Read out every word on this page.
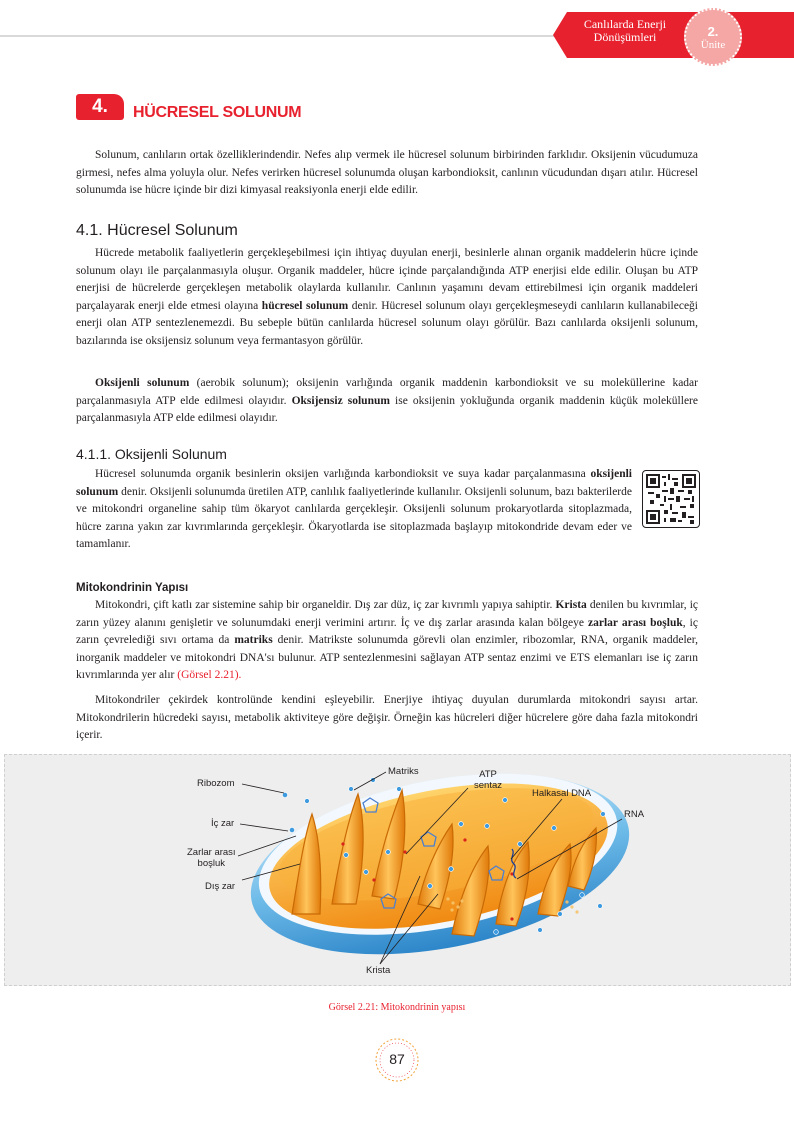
Canlılarda Enerji
Dönüşümleri	2.
Ünite
4.	HÜCRESEL SOLUNUM
Solunum, canlıların ortak özelliklerindendir. Nefes alıp vermek ile hücresel solunum birbirinden farklıdır. Oksijenin vücudumuza girmesi, nefes alma yoluyla olur. Nefes verirken hücresel solunumda oluşan karbondioksit, canlının vücudundan dışarı atılır. Hücresel solunumda ise hücre içinde bir dizi kimyasal reaksiyonla enerji elde edilir.
4.1. Hücresel Solunum
Hücrede metabolik faaliyetlerin gerçekleşebilmesi için ihtiyaç duyulan enerji, besinlerle alınan organik maddelerin hücre içinde solunum olayı ile parçalanmasıyla oluşur. Organik maddeler, hücre içinde parçalandığında ATP enerjisi elde edilir. Oluşan bu ATP enerjisi de hücrelerde gerçekleşen metabolik olaylarda kullanılır. Canlının yaşamını devam ettirebilmesi için organik maddeleri parçalayarak enerji elde etmesi olayına hücresel solunum denir. Hücresel solunum olayı gerçekleşmeseydi canlıların kullanabileceği enerji olan ATP sentezlenemezdi. Bu sebeple bütün canlılarda hücresel solunum olayı görülür. Bazı canlılarda oksijenli solunum, bazılarında ise oksijensiz solunum veya fermantasyon görülür.
Oksijenli solunum (aerobik solunum); oksijenin varlığında organik maddenin karbondioksit ve su moleküllerine kadar parçalanmasıyla ATP elde edilmesi olayıdır. Oksijensiz solunum ise oksijenin yokluğunda organik maddenin küçük moleküllere parçalanmasıyla ATP elde edilmesi olayıdır.
4.1.1. Oksijenli Solunum
Hücresel solunumda organik besinlerin oksijen varlığında karbondioksit ve suya kadar parçalanmasına oksijenli solunum denir. Oksijenli solunumda üretilen ATP, canlılık faaliyetlerinde kullanılır. Oksijenli solunum, bazı bakterilerde ve mitokondri organeline sahip tüm ökaryot canlılarda gerçekleşir. Oksijenli solunum prokaryotlarda sitoplazmada, hücre zarına yakın zar kıvrımlarında gerçekleşir. Ökaryotlarda ise sitoplazmada başlayıp mitokondride devam eder ve tamamlanır.
Mitokondrinin Yapısı
Mitokondri, çift katlı zar sistemine sahip bir organeldir. Dış zar düz, iç zar kıvrımlı yapıya sahiptir. Krista denilen bu kıvrımlar, iç zarın yüzey alanını genişletir ve solunumdaki enerji verimini artırır. İç ve dış zarlar arasında kalan bölgeye zarlar arası boşluk, iç zarın çevrelediği sıvı ortama da matriks denir. Matrikste solunumda görevli olan enzimler, ribozomlar, RNA, organik maddeler, inorganik maddeler ve mitokondri DNA'sı bulunur. ATP sentezlenmesini sağlayan ATP sentaz enzimi ve ETS elemanları ise iç zarın kıvrımlarında yer alır (Görsel 2.21).
Mitokondriler çekirdek kontrolünde kendini eşleyebilir. Enerjiye ihtiyaç duyulan durumlarda mitokondri sayısı artar. Mitokondrilerin hücredeki sayısı, metabolik aktiviteye göre değişir. Örneğin kas hücreleri diğer hücrelere göre daha fazla mitokondri içerir.
Ribozom
Matriks	ATP
sentaz
Halkasal DNA
RNA
İç zar
Zarlar arası
boşluk
Dış zar
Krista
Görsel 2.21: Mitokondrinin yapısı
87
